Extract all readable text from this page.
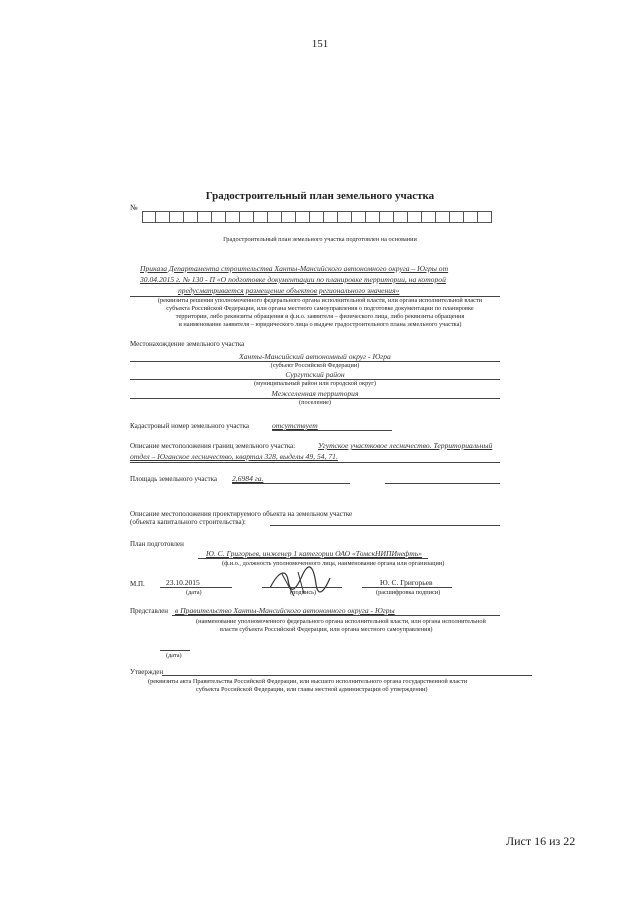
151
Градостроительный план земельного участка
№
Градостроительный план земельного участка подготовлен на основании
Приказа Департамента строительства Ханты-Мансийского автономного округа – Югры от
30.04.2015 г. № 130 - П «О подготовке документации по планировке территории, на которой
предусматривается размещение объектов регионального значения»
(реквизиты решения уполномоченного федерального органа исполнительной власти, или органа исполнительной власти
субъекта Российской Федерации, или органа местного самоуправления о подготовке документации по планировке
территории, либо реквизиты обращения и ф.и.о. заявителя – физического лица, либо реквизиты обращения
и наименование заявителя – юридического лица о выдаче градостроительного плана земельного участка)
Местонахождение земельного участка
Ханты-Мансийский автономный округ - Югра
(субъект Российской Федерации)
Сургутский район
(муниципальный район или городской округ)
Межселенная территория
(поселение)
Кадастровый номер земельного участка	отсутствует
Описание местоположения границ земельного участка:	Угутское участковое лесничество. Территориальный
отдел – Юганское лесничество, квартал 328, выделы 49, 54, 71.
Площадь земельного участка 2,6984 га.
Описание местоположения проектируемого объекта на земельном участке
(объекта капитального строительства):
План подготовлен
Ю. С. Григорьев, инженер 1 категории ОАО «ТомскНИПИнефть»
(ф.и.о., должность уполномоченного лица, наименование органа или организации)
М.П.	23.10.2015
(дата)	(подпись)
Ю. С. Григорьев
(расшифровка подписи)
Представлен в Правительство Ханты-Мансийского автономного округа - Югры
(наименование уполномоченного федерального органа исполнительной власти, или органа исполнительной
власти субъекта Российской Федерации, или органа местного самоуправления)
(дата)
Утвержден
(реквизиты акта Правительства Российской Федерации, или высшего исполнительного органа государственной власти
субъекта Российской Федерации, или главы местной администрации об утверждении)
Лист 16 из 22
